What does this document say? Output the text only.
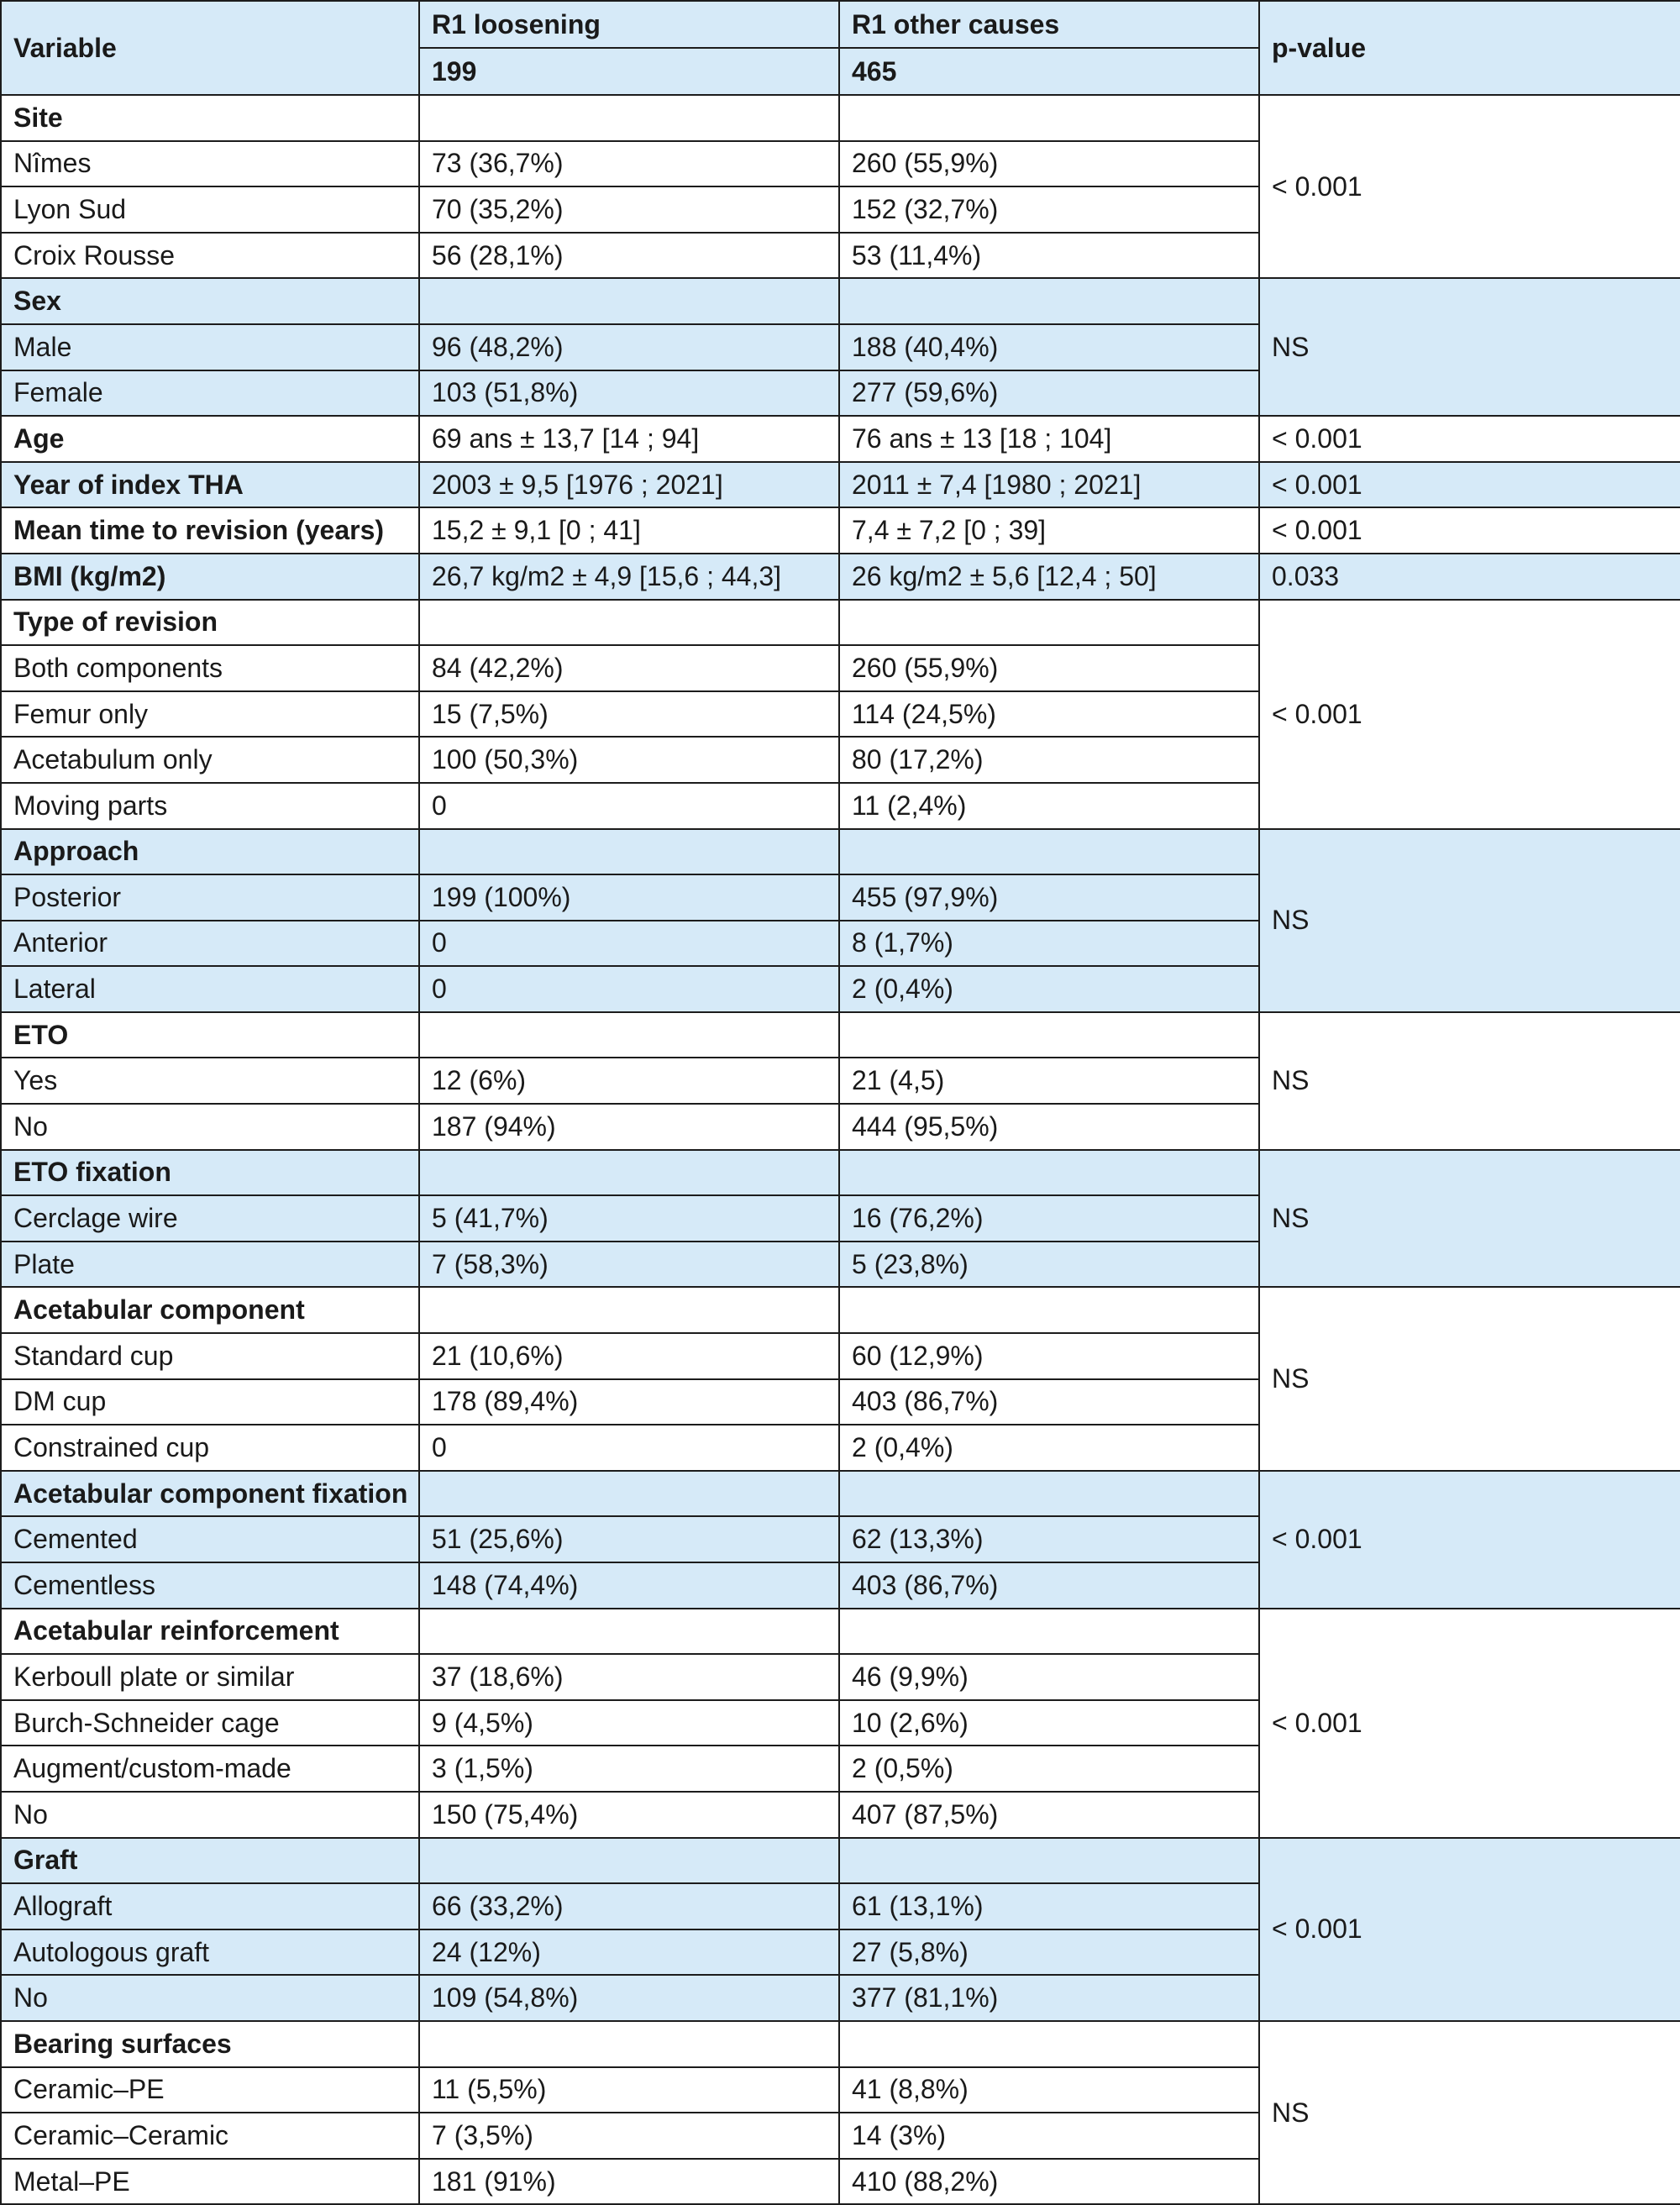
Variable	R1 loosening	R1 other causes	p-value
	199	465	
Site			< 0.001
Nîmes	73 (36,7%)	260 (55,9%)	
Lyon Sud	70 (35,2%)	152 (32,7%)	
Croix Rousse	56 (28,1%)	53 (11,4%)	
Sex			NS
Male	96 (48,2%)	188 (40,4%)	
Female	103 (51,8%)	277 (59,6%)	
Age	69 ans ± 13,7 [14 ; 94]	76 ans ± 13 [18 ; 104]	< 0.001
Year of index THA	2003 ± 9,5 [1976 ; 2021]	2011 ± 7,4 [1980 ; 2021]	< 0.001
Mean time to revision (years)	15,2 ± 9,1 [0 ; 41]	7,4 ± 7,2 [0 ; 39]	< 0.001
BMI (kg/m2)	26,7 kg/m2 ± 4,9 [15,6 ; 44,3]	26 kg/m2 ± 5,6 [12,4 ; 50]	0.033
Type of revision			< 0.001
Both components	84 (42,2%)	260 (55,9%)	
Femur only	15 (7,5%)	114 (24,5%)	
Acetabulum only	100 (50,3%)	80 (17,2%)	
Moving parts	0	11 (2,4%)	
Approach			NS
Posterior	199 (100%)	455 (97,9%)	
Anterior	0	8 (1,7%)	
Lateral	0	2 (0,4%)	
ETO			NS
Yes	12 (6%)	21 (4,5)	
No	187 (94%)	444 (95,5%)	
ETO fixation			NS
Cerclage wire	5 (41,7%)	16 (76,2%)	
Plate	7 (58,3%)	5 (23,8%)	
Acetabular component			NS
Standard cup	21 (10,6%)	60 (12,9%)	
DM cup	178 (89,4%)	403 (86,7%)	
Constrained cup	0	2 (0,4%)	
Acetabular component fixation			< 0.001
Cemented	51 (25,6%)	62 (13,3%)	
Cementless	148 (74,4%)	403 (86,7%)	
Acetabular reinforcement			< 0.001
Kerboull plate or similar	37 (18,6%)	46 (9,9%)	
Burch-Schneider cage	9 (4,5%)	10 (2,6%)	
Augment/custom-made	3 (1,5%)	2 (0,5%)	
No	150 (75,4%)	407 (87,5%)	
Graft			< 0.001
Allograft	66 (33,2%)	61 (13,1%)	
Autologous graft	24 (12%)	27 (5,8%)	
No	109 (54,8%)	377 (81,1%)	
Bearing surfaces			NS
Ceramic–PE	11 (5,5%)	41 (8,8%)	
Ceramic–Ceramic	7 (3,5%)	14 (3%)	
Metal–PE	181 (91%)	410 (88,2%)	
